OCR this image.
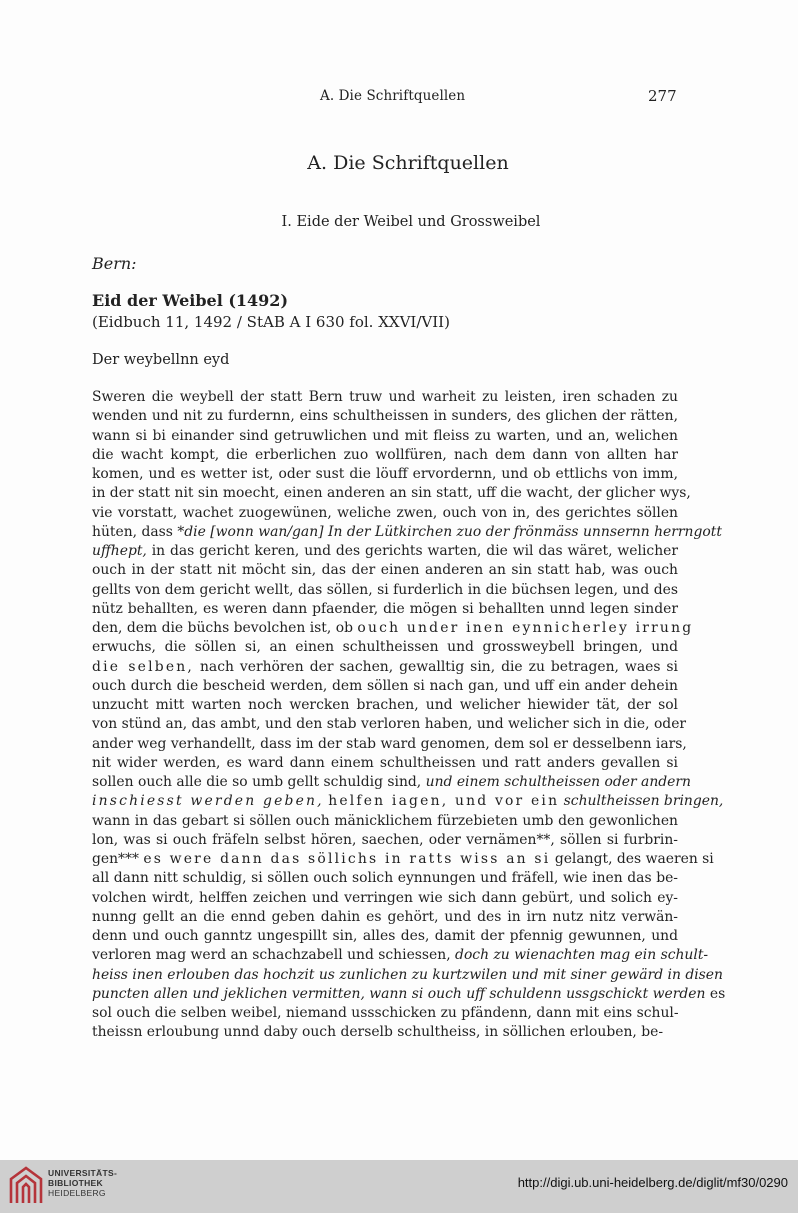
A. Die Schriftquellen	277
A. Die Schriftquellen
I. Eide der Weibel und Grossweibel
Bern:
Eid der Weibel (1492)
(Eidbuch 11, 1492 / StAB A I 630 fol. XXVI/VII)
Der weybellnn eyd
Sweren die weybell der statt Bern truw und warheit zu leisten, iren schaden zu
wenden und nit zu furdernn, eins schultheissen in sunders, des glichen der rätten,
wann si bi einander sind getruwlichen und mit fleiss zu warten, und an, welichen
die wacht kompt, die erberlichen zuo wollfüren, nach dem dann von allten har
komen, und es wetter ist, oder sust die löuff ervordernn, und ob ettlichs von imm,
in der statt nit sin moecht, einen anderen an sin statt, uff die wacht, der glicher wys,
vie vorstatt, wachet zuogewünen, weliche zwen, ouch von in, des gerichtes söllen
hüten, dass *die [wonn wan/gan] In der Lütkirchen zuo der frönmäss unnsernn herrngott
uffhept, in das gericht keren, und des gerichts warten, die wil das wäret, welicher
ouch in der statt nit möcht sin, das der einen anderen an sin statt hab, was ouch
gellts von dem gericht wellt, das söllen, si furderlich in die büchsen legen, und des
nütz behallten, es weren dann pfaender, die mögen si behallten unnd legen sinder
den, dem die büchs bevolchen ist, ob ouch under inen eynnicherley irrung
erwuchs, die söllen si, an einen schultheissen und grossweybell bringen, und
die selben, nach verhören der sachen, gewalltig sin, die zu betragen, waes si
ouch durch die bescheid werden, dem söllen si nach gan, und uff ein ander dehein
unzucht mitt warten noch wercken brachen, und welicher hiewider tät, der sol
von stünd an, das ambt, und den stab verloren haben, und welicher sich in die, oder
ander weg verhandellt, dass im der stab ward genomen, dem sol er desselbenn iars,
nit wider werden, es ward dann einem schultheissen und ratt anders gevallen si
sollen ouch alle die so umb gellt schuldig sind, und einem schultheissen oder andern
inschiesst werden geben, helfen iagen, und vor ein schultheissen bringen,
wann in das gebart si söllen ouch mänicklichem fürzebieten umb den gewonlichen
lon, was si ouch fräfeln selbst hören, saechen, oder vernämen**, söllen si furbrin-
gen*** es were dann das söllichs in ratts wiss an si gelangt, des waeren si
all dann nitt schuldig, si söllen ouch solich eynnungen und fräfell, wie inen das be-
volchen wirdt, helffen zeichen und verringen wie sich dann gebürt, und solich ey-
nunng gellt an die ennd geben dahin es gehört, und des in irn nutz nitz verwän-
denn und ouch ganntz ungespillt sin, alles des, damit der pfennig gewunnen, und
verloren mag werd an schachzabell und schiessen, doch zu wienachten mag ein schult-
heiss inen erlouben das hochzit us zunlichen zu kurtzwilen und mit siner gewärd in disen
puncten allen und jeklichen vermitten, wann si ouch uff schuldenn ussgschickt werden es
sol ouch die selben weibel, niemand ussschicken zu pfändenn, dann mit eins schul-
theissn erloubung unnd daby ouch derselb schultheiss, in söllichen erlouben, be-
UNIVERSITÄTS-
BIBLIOTHEK
HEIDELBERG
http://digi.ub.uni-heidelberg.de/diglit/mf30/0290
